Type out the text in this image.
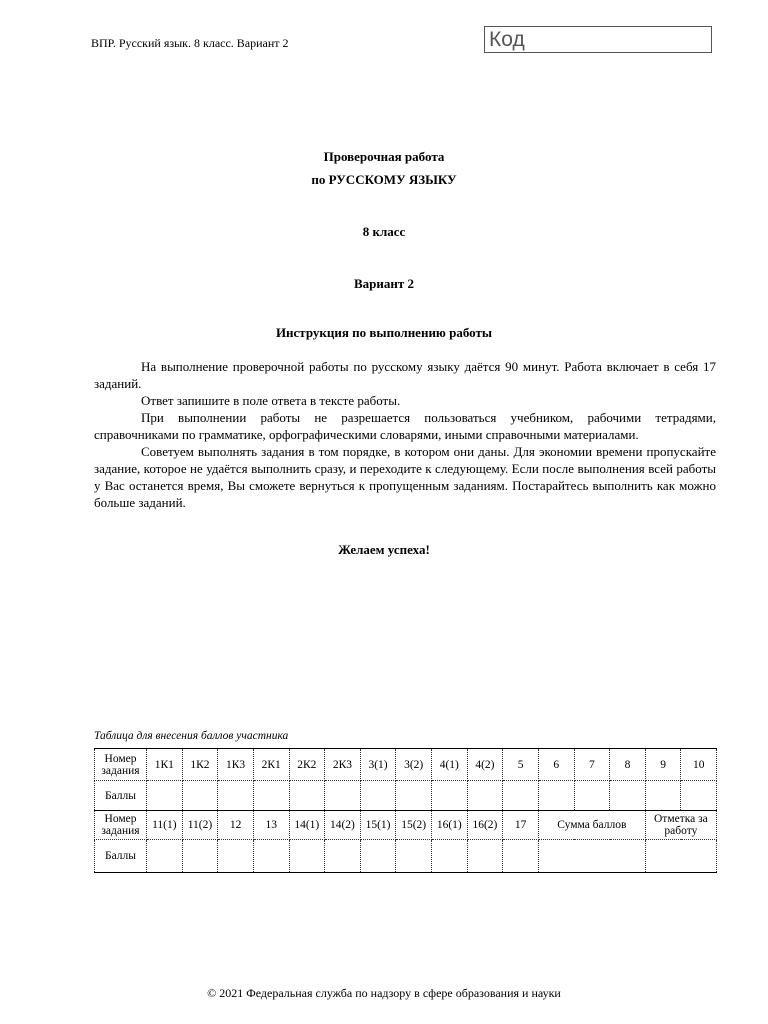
ВПР. Русский язык. 8 класс. Вариант 2	Код
Проверочная работа
по РУССКОМУ ЯЗЫКУ
8 класс
Вариант 2
Инструкция по выполнению работы

На выполнение проверочной работы по русскому языку даётся 90 минут. Работа включает в себя 17 заданий.

Ответ запишите в поле ответа в тексте работы.

При выполнении работы не разрешается пользоваться учебником, рабочими тетрадями, справочниками по грамматике, орфографическими словарями, иными справочными материалами.

Советуем выполнять задания в том порядке, в котором они даны. Для экономии времени пропускайте задание, которое не удаётся выполнить сразу, и переходите к следующему. Если после выполнения всей работы у Вас останется время, Вы сможете вернуться к пропущенным заданиям. Постарайтесь выполнить как можно больше заданий.

Желаем успеха!
Таблица для внесения баллов участника
Номер задания	1К1	1К2	1К3	2К1	2К2	2К3	3(1)	3(2)	4(1)	4(2)	5	6	7	8	9	10
Баллы																
Номер задания	11(1)	11(2)	12	13	14(1)	14(2)	15(1)	15(2)	16(1)	16(2)	17	Сумма баллов			Отметка за работу	
Баллы																
© 2021 Федеральная служба по надзору в сфере образования и науки
